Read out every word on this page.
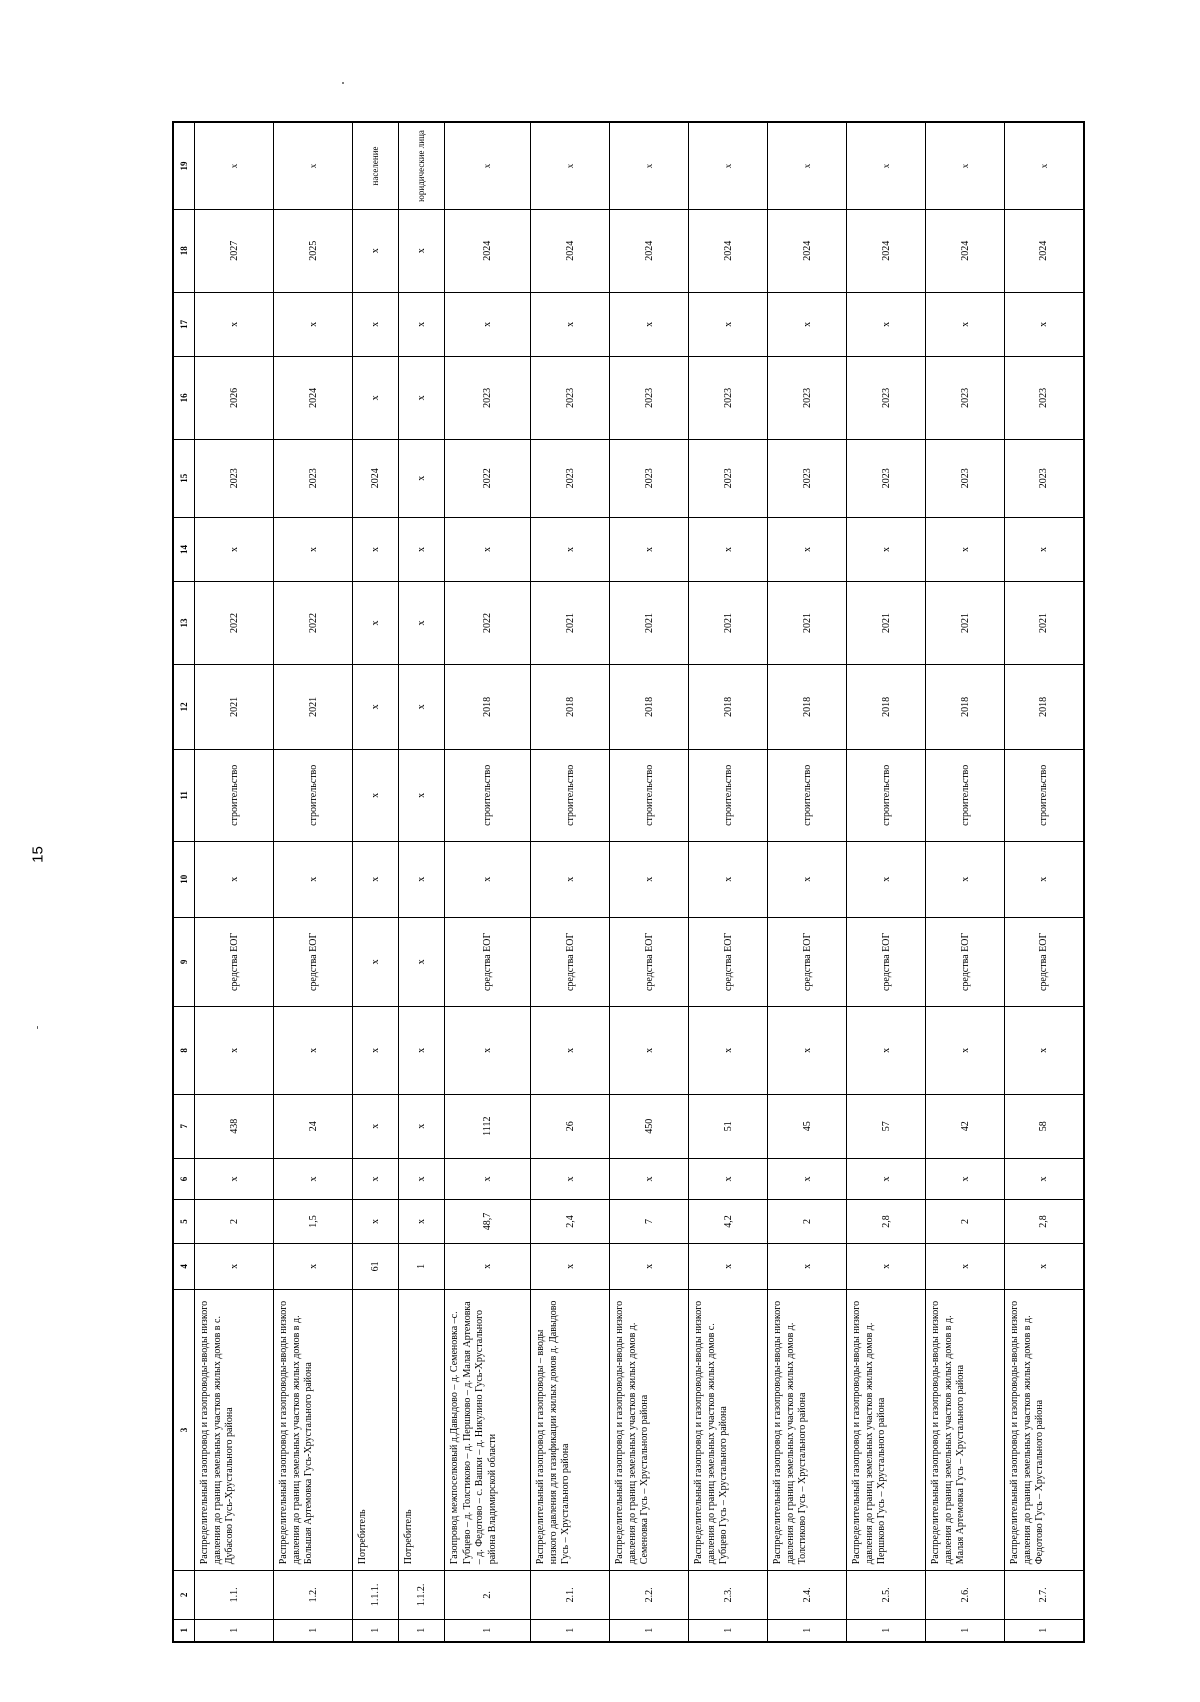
15
1	2	3	4	5	6	7	8	9	10	11	12	13	14	15	16	17	18	19
1	1.1.	Распределительный газопровод и газопроводы-вводы низкого давления до границ земельных участков жилых домов в с. Дубасово Гусь-Хрустального района	x	2	x	438	x	средства ЕОГ	x	строительство	2021	2022	x	2023	2026	x	2027	x
1	1.2.	Распределительный газопровод и газопроводы-вводы низкого давления до границ земельных участков жилых домов в д. Большая Артемовка Гусь-Хрустального района	x	1,5	x	24	x	средства ЕОГ	x	строительство	2021	2022	x	2023	2024	x	2025	x
1	1.1.1.	Потребитель	61	x	x	x	x	x	x	x	x	x	x	2024	x	x	x	население
1	1.1.2.	Потребитель	1	x	x	x	x	x	x	x	x	x	x	x	x	x	x	юридические лица
1	2.	Газопровод межпоселковый д.Давыдово – д. Семеновка –с. Губцево – д. Толстиково – д. Першково – д. Малая Артемовка – д. Федотово – с. Вашки – д. Никулино Гусь-Хрустального района Владимирской области	x	48,7	x	1112	x	средства ЕОГ	x	строительство	2018	2022	x	2022	2023	x	2024	x
1	2.1.	Распределительный газопровод и газопроводы – вводы низкого давления для газификации жилых домов д. Давыдово Гусь – Хрустального района	x	2,4	x	26	x	средства ЕОГ	x	строительство	2018	2021	x	2023	2023	x	2024	x
1	2.2.	Распределительный газопровод и газопроводы-вводы низкого давления до границ земельных участков жилых домов д. Семеновка Гусь – Хрустального района	x	7	x	450	x	средства ЕОГ	x	строительство	2018	2021	x	2023	2023	x	2024	x
1	2.3.	Распределительный газопровод и газопроводы-вводы низкого давления до границ земельных участков жилых домов с. Губцево Гусь – Хрустального района	x	4,2	x	51	x	средства ЕОГ	x	строительство	2018	2021	x	2023	2023	x	2024	x
1	2.4.	Распределительный газопровод и газопроводы-вводы низкого давления до границ земельных участков жилых домов д. Толстиково Гусь – Хрустального района	x	2	x	45	x	средства ЕОГ	x	строительство	2018	2021	x	2023	2023	x	2024	x
1	2.5.	Распределительный газопровод и газопроводы-вводы низкого давления до границ земельных участков жилых домов д. Першково Гусь – Хрустального района	x	2,8	x	57	x	средства ЕОГ	x	строительство	2018	2021	x	2023	2023	x	2024	x
1	2.6.	Распределительный газопровод и газопроводы-вводы низкого давления до границ земельных участков жилых домов в д. Малая Артемовка Гусь – Хрустального района	x	2	x	42	x	средства ЕОГ	x	строительство	2018	2021	x	2023	2023	x	2024	x
1	2.7.	Распределительный газопровод и газопроводы-вводы низкого давления до границ земельных участков жилых домов в д. Федотово Гусь – Хрустального района	x	2,8	x	58	x	средства ЕОГ	x	строительство	2018	2021	x	2023	2023	x	2024	x
